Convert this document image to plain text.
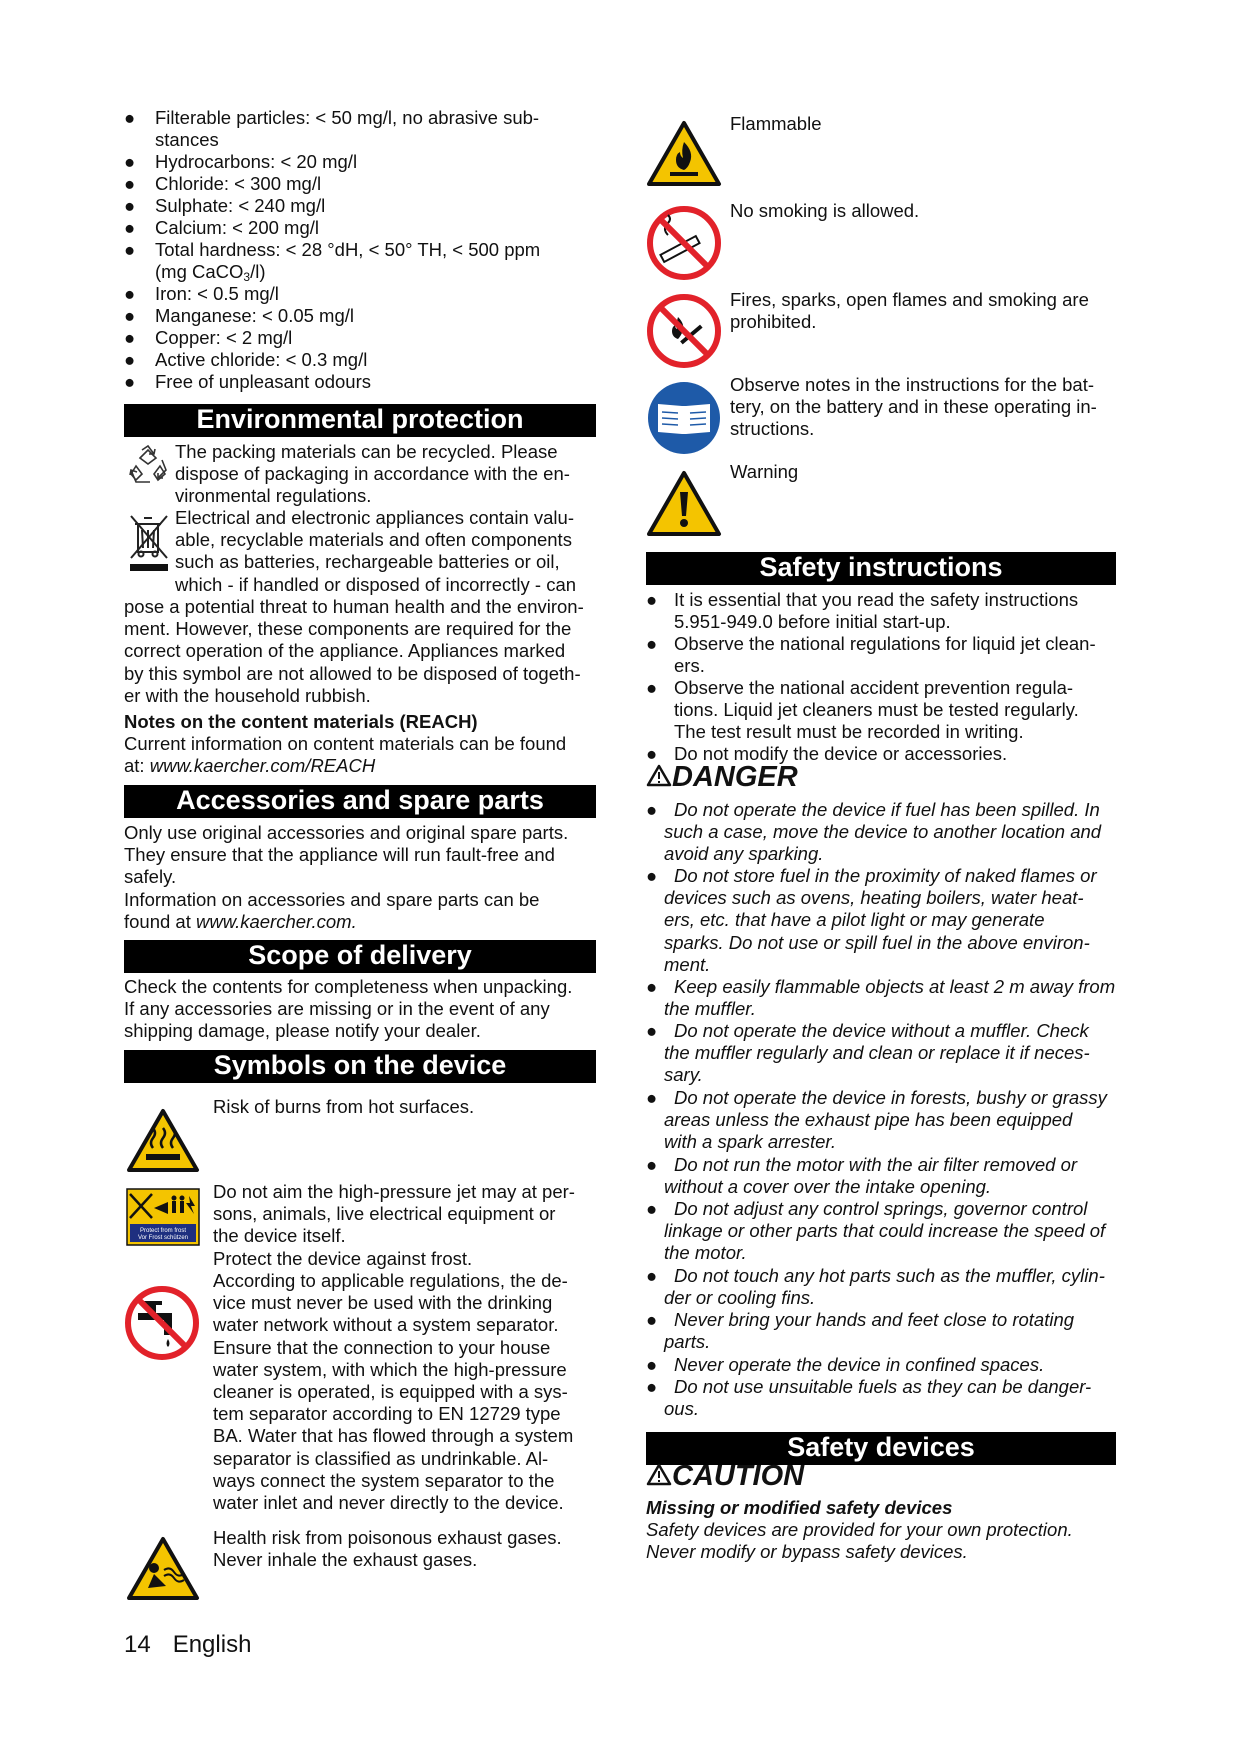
● Filterable particles: < 50 mg/l, no abrasive sub-
stances
● Hydrocarbons: < 20 mg/l
● Chloride: < 300 mg/l
● Sulphate: < 240 mg/l
● Calcium: < 200 mg/l
● Total hardness: < 28 °dH, < 50° TH, < 500 ppm
(mg CaCO$_3$/l)
● Iron: < 0.5 mg/l
● Manganese: < 0.05 mg/l
● Copper: < 2 mg/l
● Active chloride: < 0.3 mg/l
● Free of unpleasant odours
Environmental protection
The packing materials can be recycled. Please
dispose of packaging in accordance with the en-
vironmental regulations.
Electrical and electronic appliances contain valu-
able, recyclable materials and often components
such as batteries, rechargeable batteries or oil,
which - if handled or disposed of incorrectly - can
pose a potential threat to human health and the environ-
ment. However, these components are required for the
correct operation of the appliance. Appliances marked
by this symbol are not allowed to be disposed of togeth-
er with the household rubbish.
Notes on the content materials (REACH)
Current information on content materials can be found
at: www.kaercher.com/REACH
Accessories and spare parts
Only use original accessories and original spare parts.
They ensure that the appliance will run fault-free and
safely.
Information on accessories and spare parts can be
found at www.kaercher.com.
Scope of delivery
Check the contents for completeness when unpacking.
If any accessories are missing or in the event of any
shipping damage, please notify your dealer.
Symbols on the device
Risk of burns from hot surfaces.
Protect from frost
Vor Frost schützen
Do not aim the high-pressure jet may at per-
sons, animals, live electrical equipment or
the device itself.
Protect the device against frost.
According to applicable regulations, the de-
vice must never be used with the drinking
water network without a system separator.
Ensure that the connection to your house
water system, with which the high-pressure
cleaner is operated, is equipped with a sys-
tem separator according to EN 12729 type
BA. Water that has flowed through a system
separator is classified as undrinkable. Al-
ways connect the system separator to the
water inlet and never directly to the device.
Health risk from poisonous exhaust gases.
Never inhale the exhaust gases.
14 English
Flammable
No smoking is allowed.
Fires, sparks, open flames and smoking are
prohibited.
Observe notes in the instructions for the bat-
tery, on the battery and in these operating in-
structions.
Warning
Safety instructions
● It is essential that you read the safety instructions
5.951-949.0 before initial start-up.
● Observe the national regulations for liquid jet clean-
ers.
● Observe the national accident prevention regula-
tions. Liquid jet cleaners must be tested regularly.
The test result must be recorded in writing.
● Do not modify the device or accessories.
DANGER
● Do not operate the device if fuel has been spilled. In
such a case, move the device to another location and
avoid any sparking.
● Do not store fuel in the proximity of naked flames or
devices such as ovens, heating boilers, water heat-
ers, etc. that have a pilot light or may generate
sparks. Do not use or spill fuel in the above environ-
ment.
● Keep easily flammable objects at least 2 m away from
the muffler.
● Do not operate the device without a muffler. Check
the muffler regularly and clean or replace it if neces-
sary.
● Do not operate the device in forests, bushy or grassy
areas unless the exhaust pipe has been equipped
with a spark arrester.
● Do not run the motor with the air filter removed or
without a cover over the intake opening.
● Do not adjust any control springs, governor control
linkage or other parts that could increase the speed of
the motor.
● Do not touch any hot parts such as the muffler, cylin-
der or cooling fins.
● Never bring your hands and feet close to rotating
parts.
● Never operate the device in confined spaces.
● Do not use unsuitable fuels as they can be danger-
ous.
Safety devices
CAUTION
Missing or modified safety devices
Safety devices are provided for your own protection.
Never modify or bypass safety devices.
